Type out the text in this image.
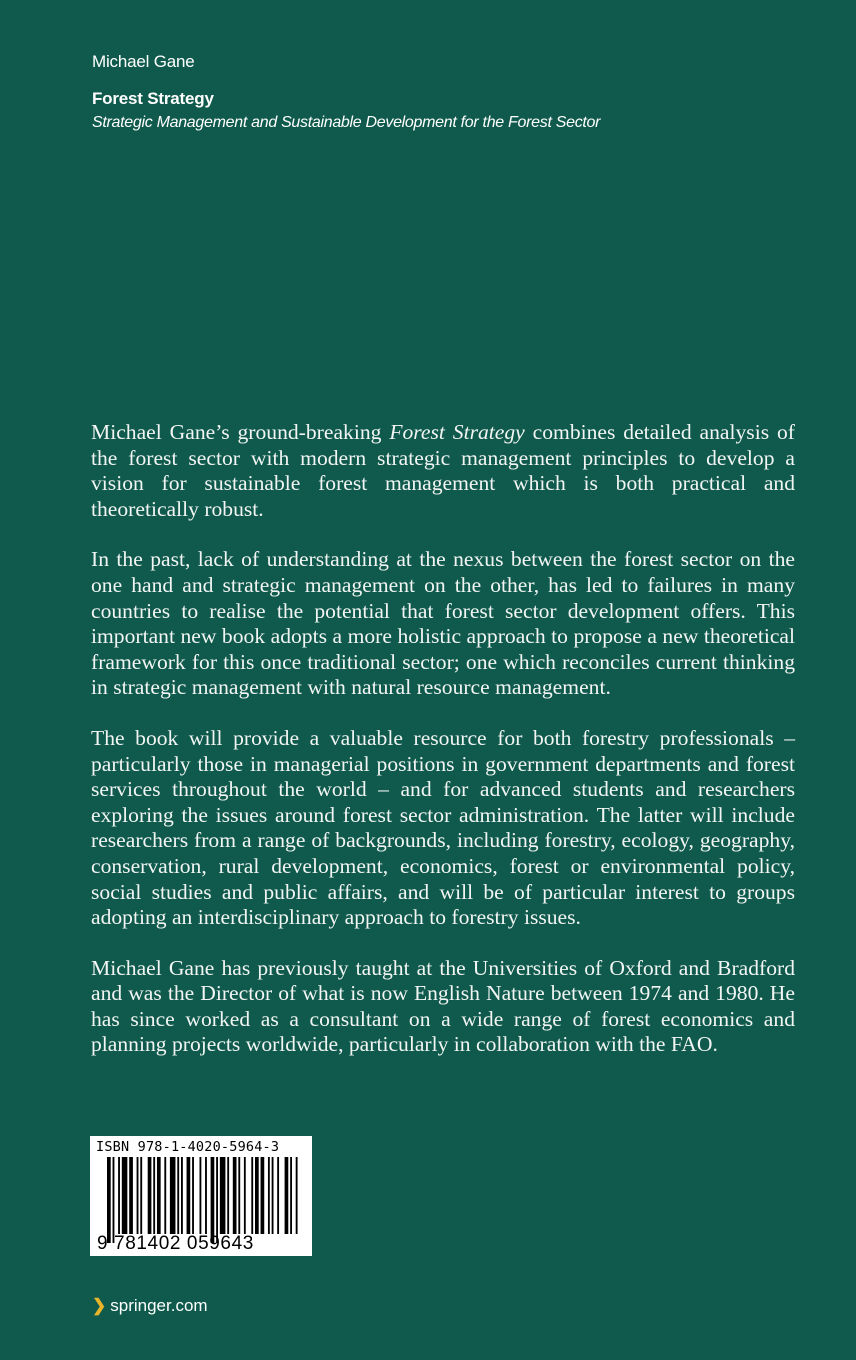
Michael Gane
Forest Strategy
Strategic Management and Sustainable Development for the Forest Sector

Michael Gane’s ground-breaking Forest Strategy combines detailed analysis of the forest sector with modern strategic management principles to develop a vision for sustainable forest management which is both practical and theoretically robust.

In the past, lack of understanding at the nexus between the forest sector on the one hand and strategic management on the other, has led to failures in many countries to realise the potential that forest sector development offers. This important new book adopts a more holistic approach to propose a new theoretical framework for this once traditional sector; one which reconciles current thinking in strategic management with natural resource management.

The book will provide a valuable resource for both forestry professionals – particularly those in managerial positions in government departments and forest services throughout the world – and for advanced students and researchers exploring the issues around forest sector administration. The latter will include researchers from a range of backgrounds, including forestry, ecology, geography, conservation, rural development, economics, forest or environmental policy, social studies and public affairs, and will be of particular interest to groups adopting an interdisciplinary approach to forestry issues.

Michael Gane has previously taught at the Universities of Oxford and Bradford and was the Director of what is now English Nature between 1974 and 1980. He has since worked as a consultant on a wide range of forest economics and planning projects worldwide, particularly in collaboration with the FAO.

ISBN 978-1-4020-5964-3
9 781402 059643
❯ springer.com
